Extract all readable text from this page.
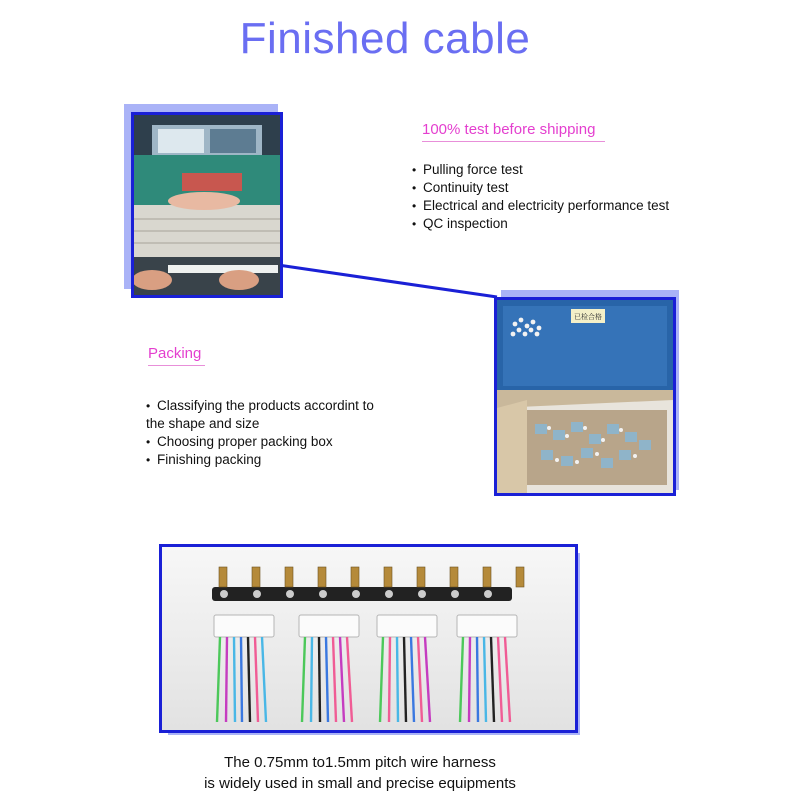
Finished cable
100% test before shipping
• Pulling force test
• Continuity test
• Electrical and electricity performance test
• QC inspection
已检合格
Packing
• Classifying the products accordint to
the shape and size
• Choosing proper packing box
• Finishing packing
The 0.75mm to1.5mm pitch wire harness
is widely used in small and precise equipments
